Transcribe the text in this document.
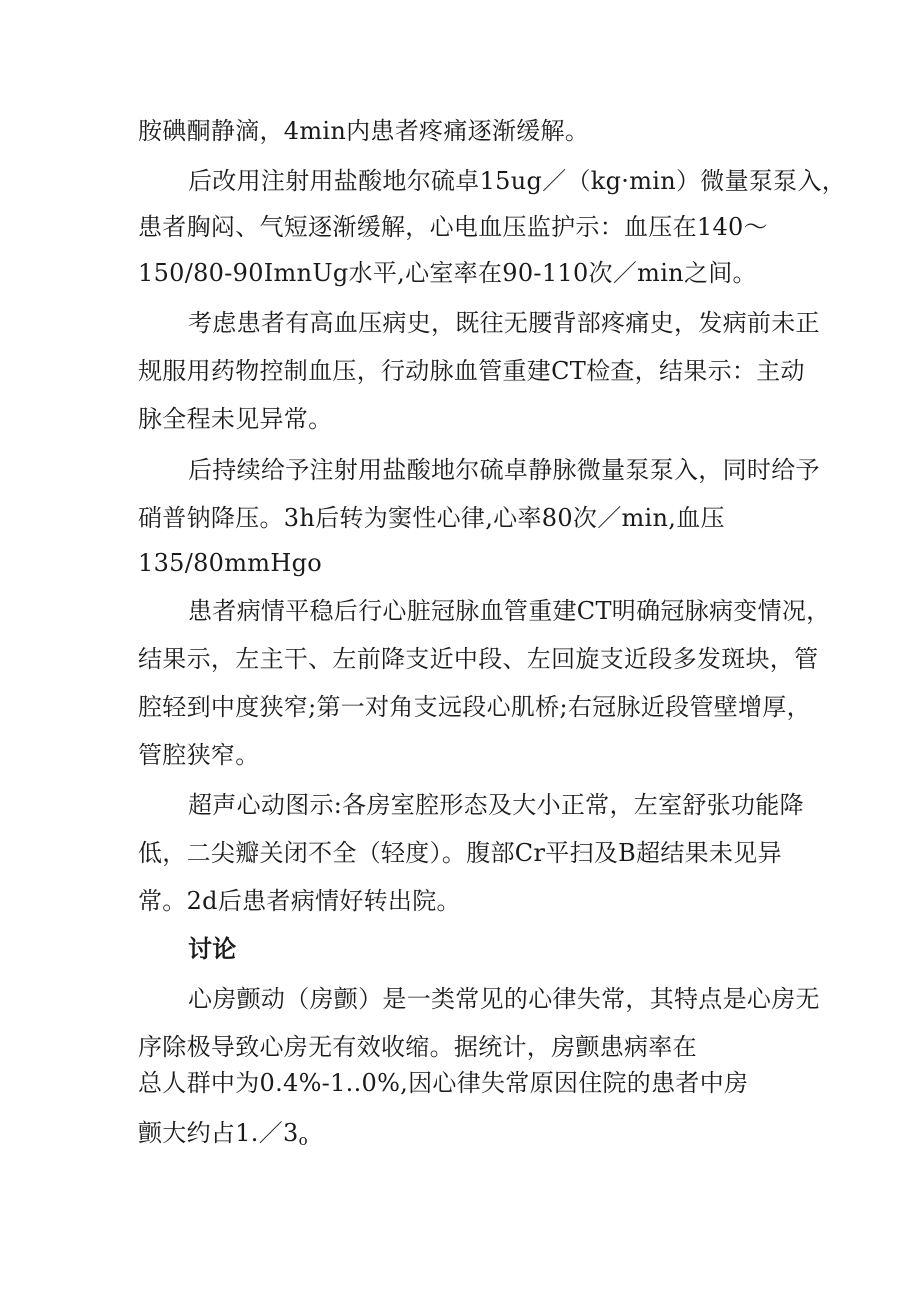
胺碘酮静滴，4min内患者疼痛逐渐缓解。
后改用注射用盐酸地尔硫卓15ug／（kg·min）微量泵泵入，
患者胸闷、气短逐渐缓解，心电血压监护示：血压在140～
150/80-90ImnUg水平,心室率在90-110次／min之间。
考虑患者有高血压病史，既往无腰背部疼痛史，发病前未正
规服用药物控制血压，行动脉血管重建CT检查，结果示：主动
脉全程未见异常。
后持续给予注射用盐酸地尔硫卓静脉微量泵泵入，同时给予
硝普钠降压。3h后转为窦性心律,心率80次／min,血压
135/80mmHgo
患者病情平稳后行心脏冠脉血管重建CT明确冠脉病变情况，
结果示，左主干、左前降支近中段、左回旋支近段多发斑块，管
腔轻到中度狭窄;第一对角支远段心肌桥;右冠脉近段管壁增厚，
管腔狭窄。
超声心动图示:各房室腔形态及大小正常，左室舒张功能降
低，二尖瓣关闭不全（轻度）。腹部Cr平扫及B超结果未见异
常。2d后患者病情好转出院。
讨论
心房颤动（房颤）是一类常见的心律失常，其特点是心房无
序除极导致心房无有效收缩。据统计，房颤患病率在
总人群中为0.4%-1..0%,因心律失常原因住院的患者中房
颤大约占$1./3_o$
